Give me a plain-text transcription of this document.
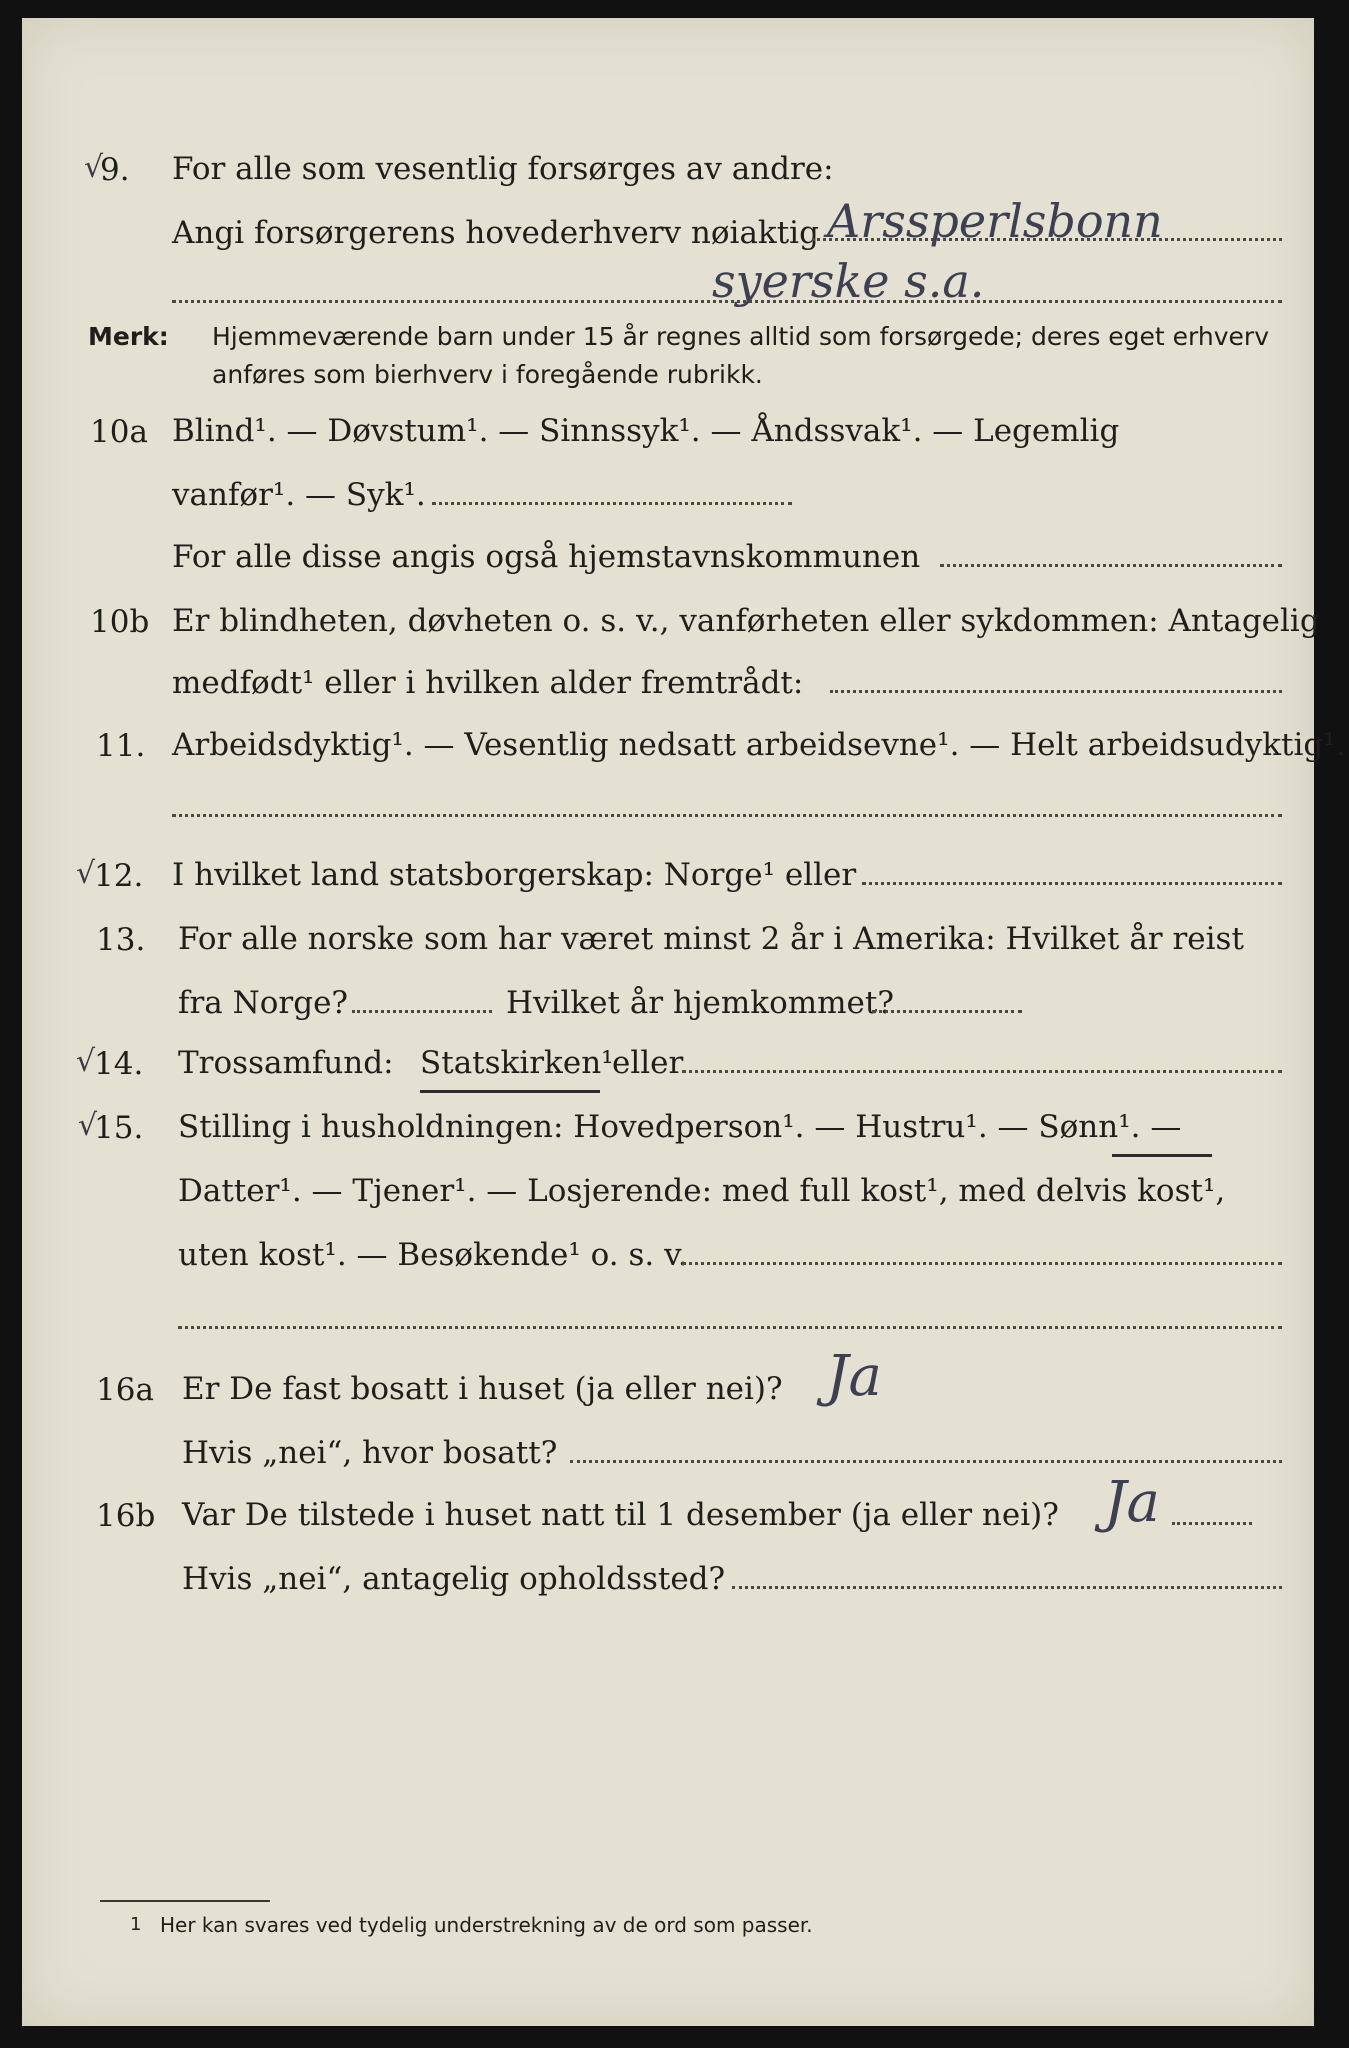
√
9. For alle som vesentlig forsørges av andre:
Angi forsørgerens hovederhverv nøiaktig Arssperlsbonn
syerske s.a.
Merk: Hjemmeværende barn under 15 år regnes alltid som forsørgede; deres eget erhverv
anføres som bierhverv i foregående rubrikk.
10a Blind¹. — Døvstum¹. — Sinnssyk¹. — Åndssvak¹. — Legemlig
vanfør¹. — Syk¹.
For alle disse angis også hjemstavnskommunen
10b Er blindheten, døvheten o. s. v., vanførheten eller sykdommen: Antagelig
medfødt¹ eller i hvilken alder fremtrådt:
11. Arbeidsdyktig¹. — Vesentlig nedsatt arbeidsevne¹. — Helt arbeidsudyktig¹.
√
12. I hvilket land statsborgerskap: Norge¹ eller
13. For alle norske som har været minst 2 år i Amerika: Hvilket år reist
fra Norge?	Hvilket år hjemkommet?
√
14. Trossamfund: Statskirken¹
eller
√
15. Stilling i husholdningen: Hovedperson¹. — Hustru¹. — Sønn¹. —
Datter¹. — Tjener¹. — Losjerende: med full kost¹, med delvis kost¹,
uten kost¹. — Besøkende¹ o. s. v.
16a Er De fast bosatt i huset (ja eller nei)? Ja
Hvis „nei“, hvor bosatt?
16b Var De tilstede i huset natt til 1 desember (ja eller nei)? Ja
Hvis „nei“, antagelig opholdssted?
1 Her kan svares ved tydelig understrekning av de ord som passer.
